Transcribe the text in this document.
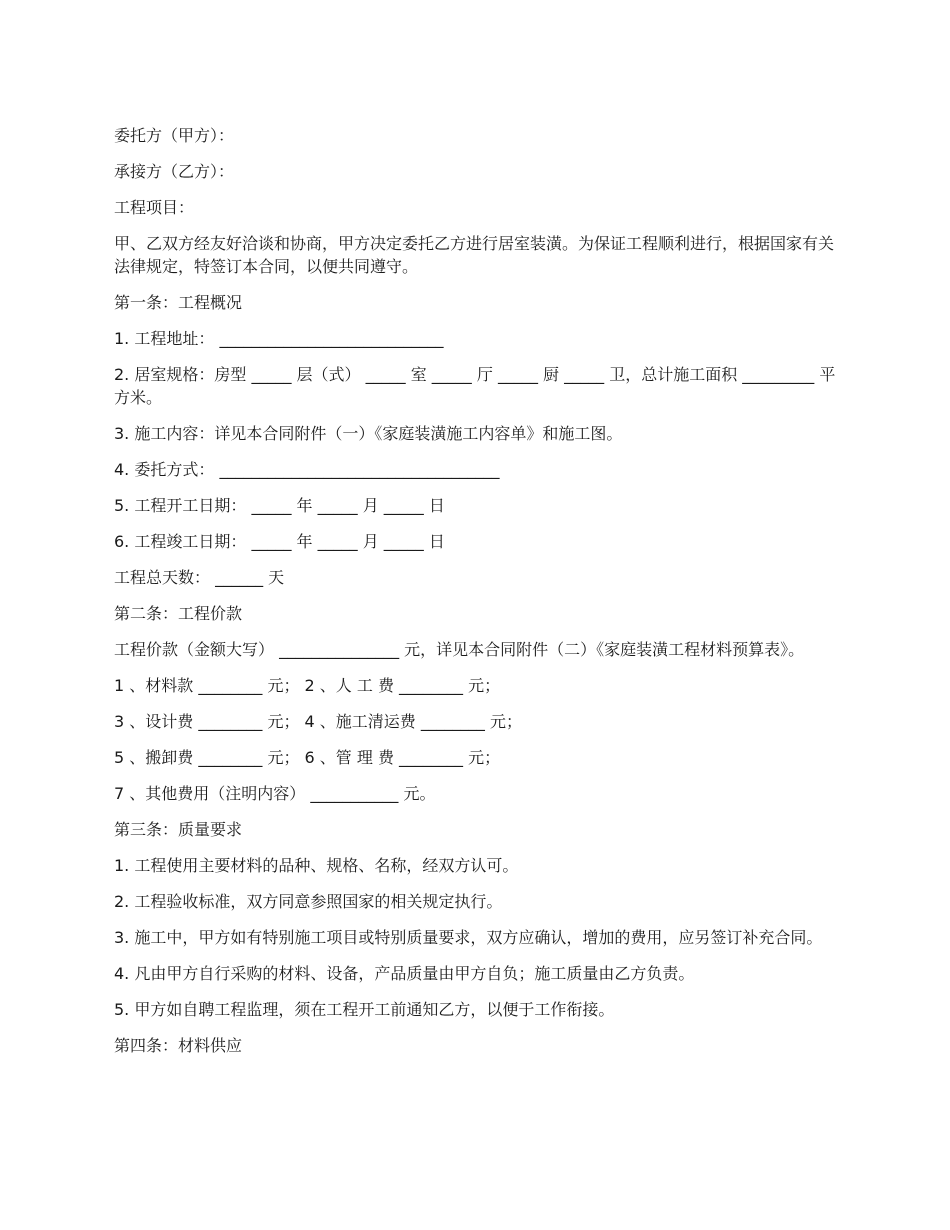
委托方（甲方）：

承接方（乙方）：

工程项目：

甲、乙双方经友好洽谈和协商，甲方决定委托乙方进行居室装潢。为保证工程顺利进行，根据国家有关法律规定，特签订本合同，以便共同遵守。

第一条：工程概况

1. 工程地址： ____________________________

2. 居室规格：房型 _____ 层（式） _____ 室 _____ 厅 _____ 厨 _____ 卫，总计施工面积 _________ 平方米。

3. 施工内容：详见本合同附件（一）《家庭装潢施工内容单》和施工图。

4. 委托方式： ___________________________________

5. 工程开工日期： _____ 年 _____ 月 _____ 日

6. 工程竣工日期： _____ 年 _____ 月 _____ 日

工程总天数： ______ 天

第二条：工程价款

工程价款（金额大写） _______________ 元，详见本合同附件（二）《家庭装潢工程材料预算表》。

1 、材料款 ________ 元； 2 、人 工 费 ________ 元；

3 、设计费 ________ 元； 4 、施工清运费 ________ 元；

5 、搬卸费 ________ 元； 6 、管 理 费 ________ 元；

7 、其他费用（注明内容） ___________ 元。

第三条：质量要求

1. 工程使用主要材料的品种、规格、名称，经双方认可。

2. 工程验收标准，双方同意参照国家的相关规定执行。

3. 施工中，甲方如有特别施工项目或特别质量要求，双方应确认，增加的费用，应另签订补充合同。

4. 凡由甲方自行采购的材料、设备，产品质量由甲方自负；施工质量由乙方负责。

5. 甲方如自聘工程监理，须在工程开工前通知乙方，以便于工作衔接。

第四条：材料供应
